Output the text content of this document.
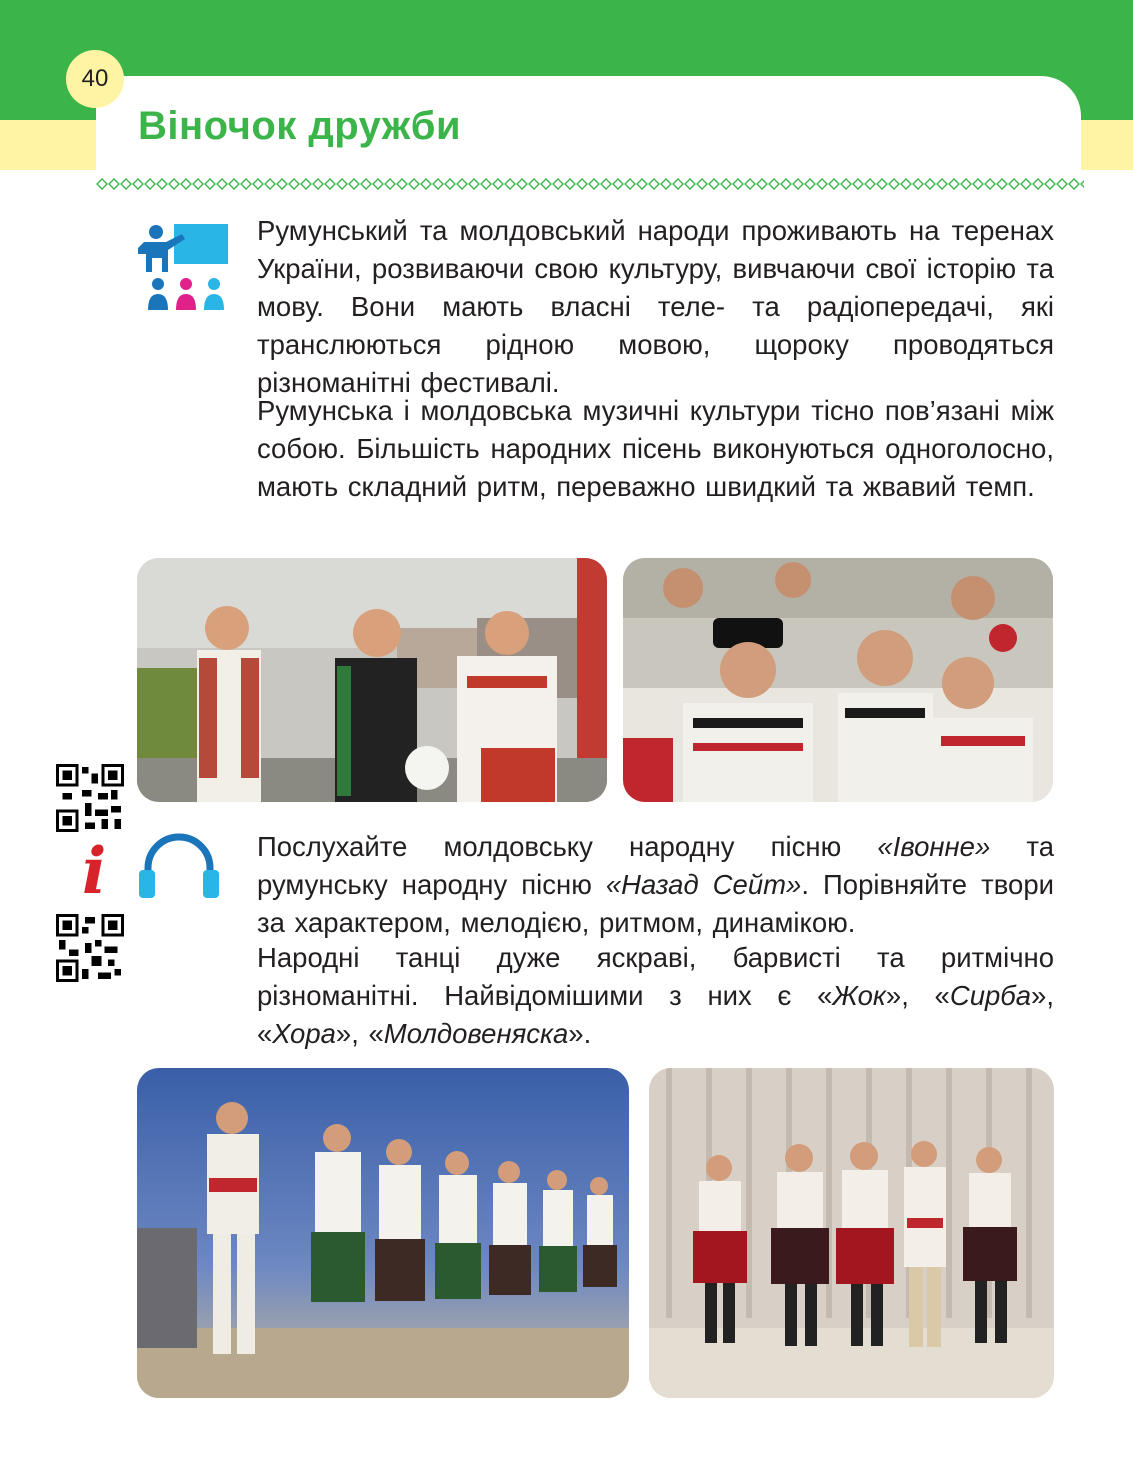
40
Віночок дружби

Румунський та молдовський народи проживають на теренах України, розвиваючи свою культуру, вивчаючи свої історію та мову. Вони мають власні теле- та радіопередачі, які транслюються рідною мовою, щороку проводяться різноманітні фестивалі.

Румунська і молдовська музичні культури тісно пов’язані між собою. Більшість народних пісень виконуються одноголосно, мають складний ритм, переважно швидкий та жвавий темп.

i	Послухайте молдовську народну пісню «Івонне» та румунську народну пісню «Назад Сейт». Порівняйте твори за характером, мелодією, ритмом, динамікою.

Народні танці дуже яскраві, барвисті та ритмічно різноманітні. Найвідомішими з них є «Жок», «Сирба», «Хора», «Молдовеняска».
